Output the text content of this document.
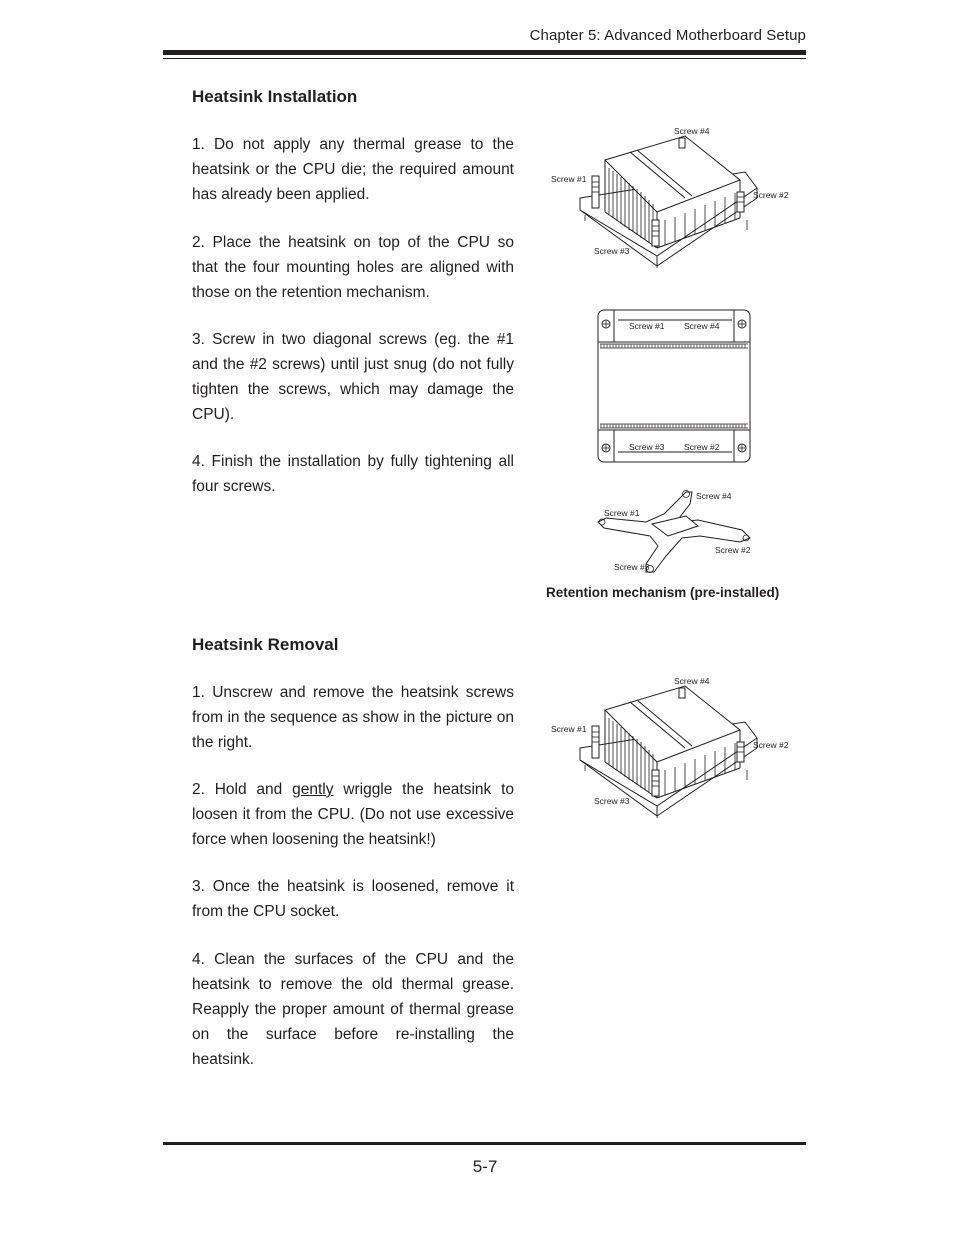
Chapter 5: Advanced Motherboard Setup
Heatsink Installation

1. Do not apply any thermal grease to the heatsink or the CPU die; the required amount has already been applied.

2. Place the heatsink on top of the CPU so that the four mounting holes are aligned with those on the retention mechanism.

3. Screw in two diagonal screws (eg. the #1 and the #2 screws) until just snug (do not fully tighten the screws, which may damage the CPU).

4. Finish the installation by fully tightening all four screws.

Screw #4
Screw #1
Screw #2
Screw #3
Screw #1 Screw #4
Screw #3 Screw #2
Screw #4
Screw #1
Screw #2
Screw #3
Retention mechanism (pre-installed)
Heatsink Removal

1. Unscrew and remove the heatsink screws from in the sequence as show in the picture on the right.

2. Hold and gently wriggle the heatsink to loosen it from the CPU. (Do not use excessive force when loosening the heatsink!)

3. Once the heatsink is loosened, remove it from the CPU socket.

4. Clean the surfaces of the CPU and the heatsink to remove the old thermal grease. Reapply the proper amount of thermal grease on the surface before re-installing the heatsink.

Screw #4
Screw #1
Screw #2
Screw #3
5-7
